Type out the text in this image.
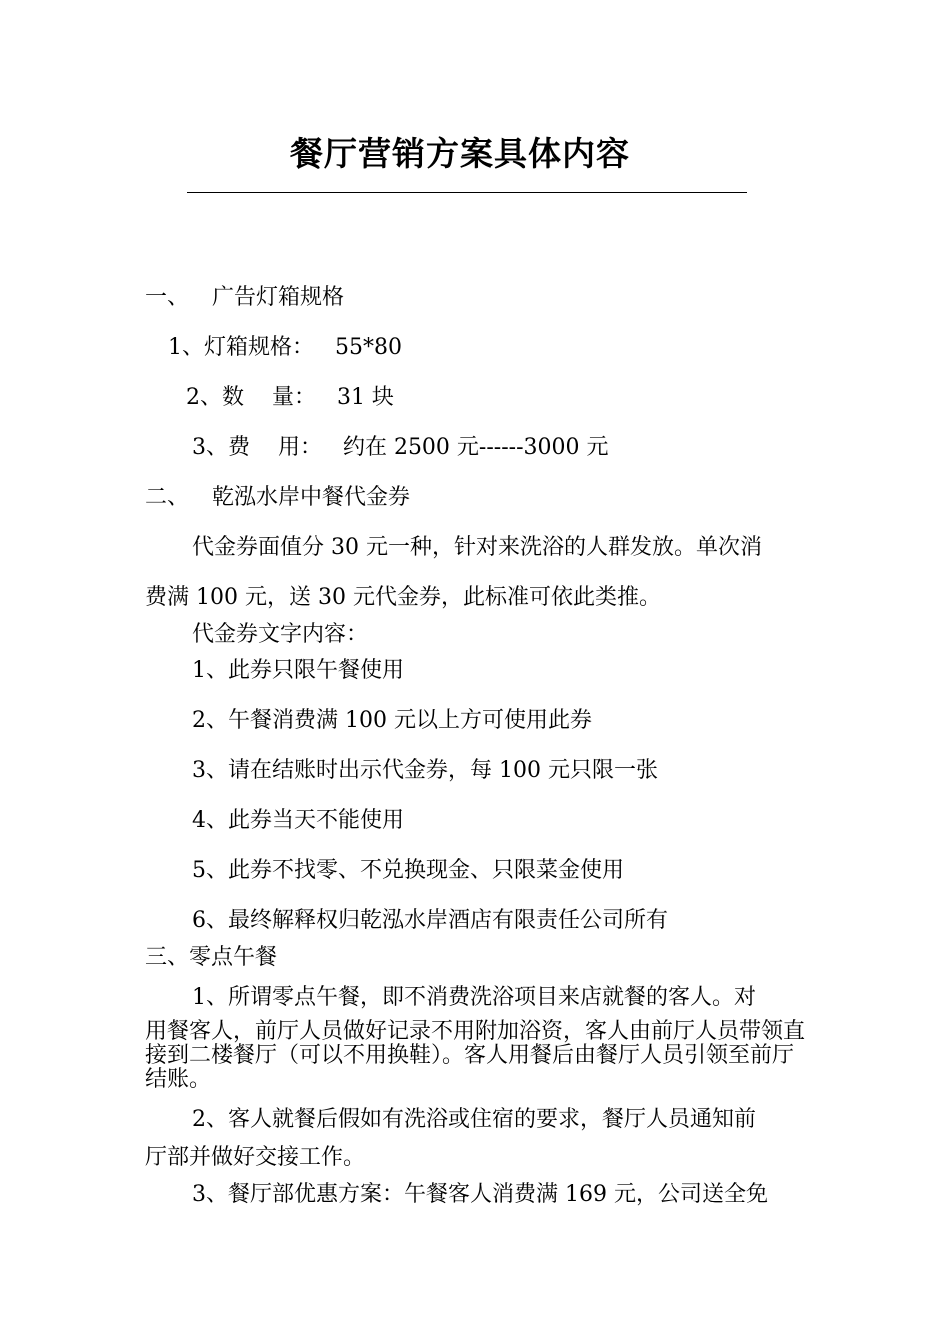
餐厅营销方案具体内容
一、 广告灯箱规格
1、灯箱规格：   55*80
2、数    量：   31 块
3、费    用：   约在 2500 元------3000 元
二、 乾泓水岸中餐代金券
代金券面值分 30 元一种，针对来洗浴的人群发放。单次消
费满 100 元，送 30 元代金券，此标准可依此类推。
代金券文字内容：
1、此券只限午餐使用
2、午餐消费满 100 元以上方可使用此券
3、请在结账时出示代金券，每 100 元只限一张
4、此券当天不能使用
5、此券不找零、不兑换现金、只限菜金使用
6、最终解释权归乾泓水岸酒店有限责任公司所有
三、零点午餐
1、所谓零点午餐，即不消费洗浴项目来店就餐的客人。对
用餐客人，前厅人员做好记录不用附加浴资，客人由前厅人员带领直接到二楼餐厅（可以不用换鞋）。客人用餐后由餐厅人员引领至前厅结账。
2、客人就餐后假如有洗浴或住宿的要求，餐厅人员通知前
厅部并做好交接工作。
3、餐厅部优惠方案：午餐客人消费满 169 元，公司送全免
